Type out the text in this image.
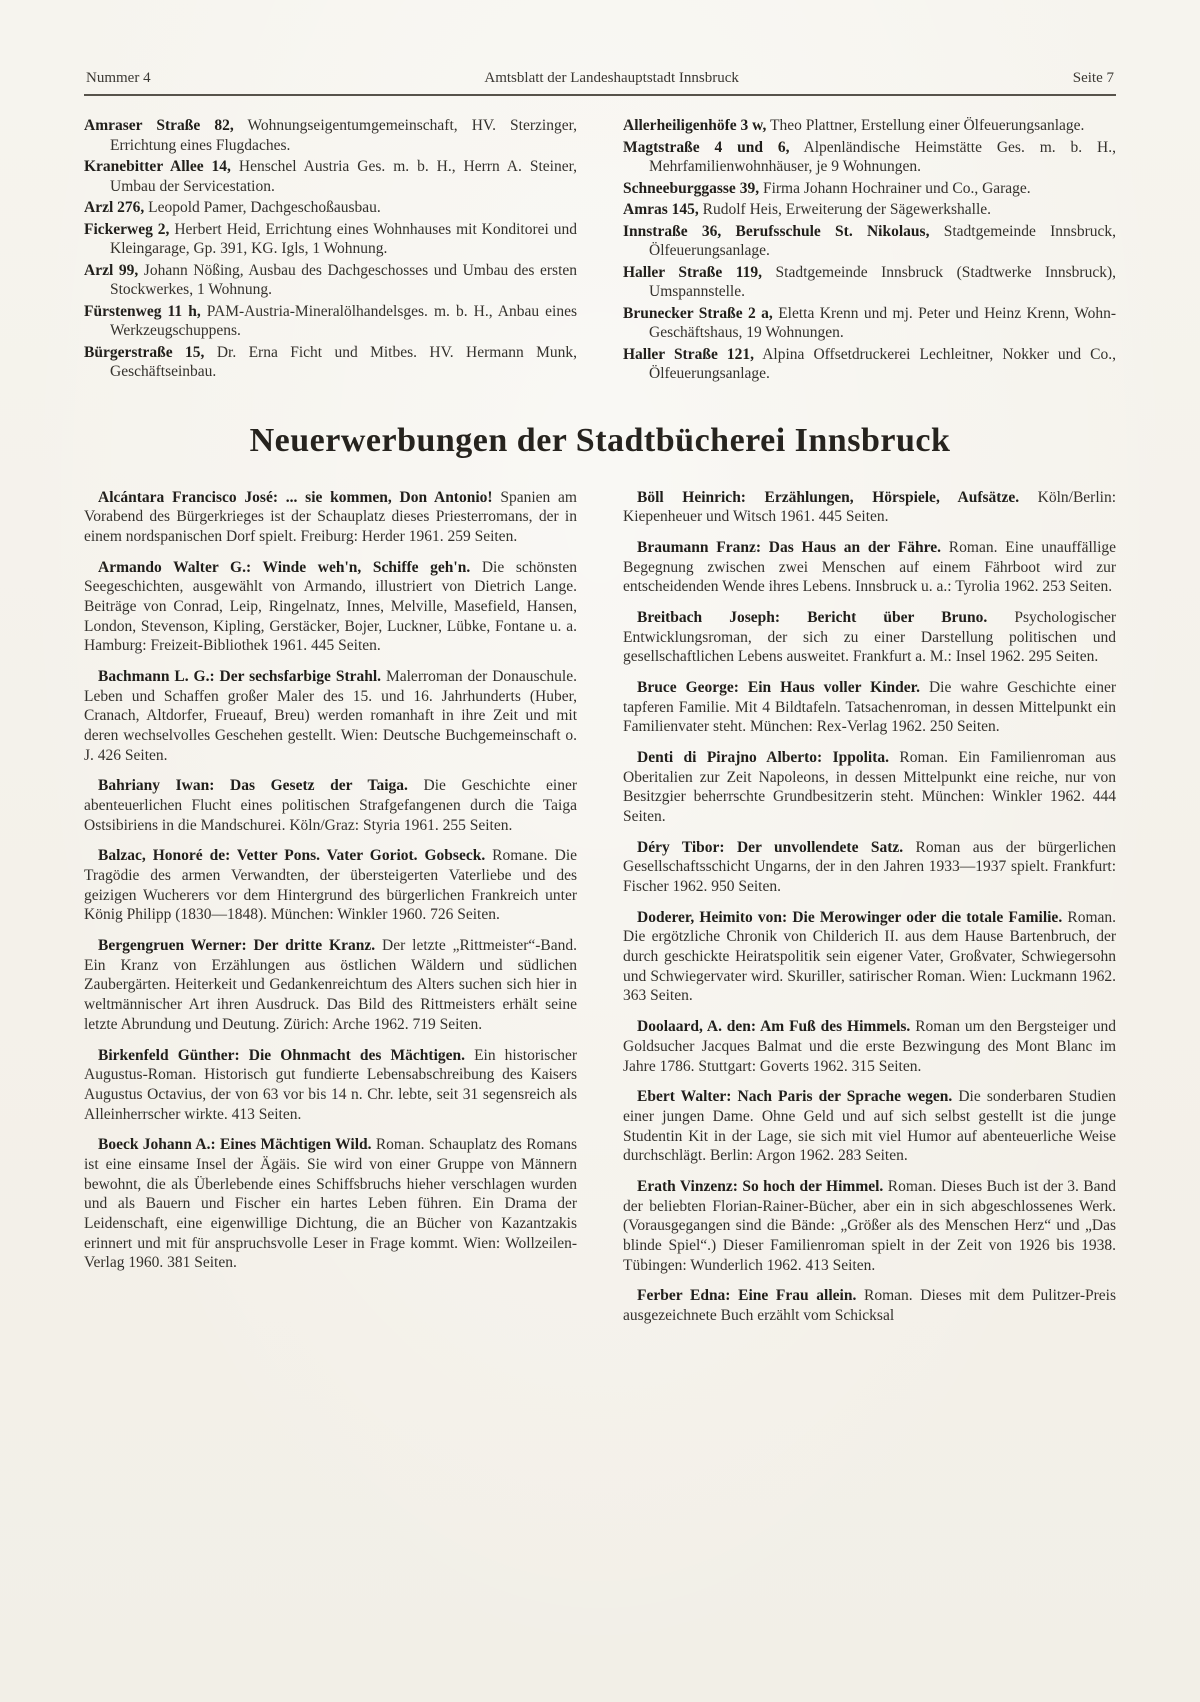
Nummer 4	Amtsblatt der Landeshauptstadt Innsbruck	Seite 7

Amraser Straße 82, Wohnungseigentumgemeinschaft, HV. Sterzinger, Errichtung eines Flugdaches.

Kranebitter Allee 14, Henschel Austria Ges. m. b. H., Herrn A. Steiner, Umbau der Servicestation.

Arzl 276, Leopold Pamer, Dachgeschoßausbau.

Fickerweg 2, Herbert Heid, Errichtung eines Wohnhauses mit Konditorei und Kleingarage, Gp. 391, KG. Igls, 1 Wohnung.

Arzl 99, Johann Nößing, Ausbau des Dachgeschosses und Umbau des ersten Stockwerkes, 1 Wohnung.

Fürstenweg 11 h, PAM-Austria-Mineralölhandelsges. m. b. H., Anbau eines Werkzeugschuppens.

Bürgerstraße 15, Dr. Erna Ficht und Mitbes. HV. Hermann Munk, Geschäftseinbau.

Allerheiligenhöfe 3 w, Theo Plattner, Erstellung einer Ölfeuerungsanlage.

Magtstraße 4 und 6, Alpenländische Heimstätte Ges. m. b. H., Mehrfamilienwohnhäuser, je 9 Wohnungen.

Schneeburggasse 39, Firma Johann Hochrainer und Co., Garage.

Amras 145, Rudolf Heis, Erweiterung der Sägewerkshalle.

Innstraße 36, Berufsschule St. Nikolaus, Stadtgemeinde Innsbruck, Ölfeuerungsanlage.

Haller Straße 119, Stadtgemeinde Innsbruck (Stadtwerke Innsbruck), Umspannstelle.

Brunecker Straße 2 a, Eletta Krenn und mj. Peter und Heinz Krenn, Wohn-Geschäftshaus, 19 Wohnungen.

Haller Straße 121, Alpina Offsetdruckerei Lechleitner, Nokker und Co., Ölfeuerungsanlage.

Neuerwerbungen der Stadtbücherei Innsbruck

Alcántara Francisco José: ... sie kommen, Don Antonio! Spanien am Vorabend des Bürgerkrieges ist der Schauplatz dieses Priesterromans, der in einem nordspanischen Dorf spielt. Freiburg: Herder 1961. 259 Seiten.

Armando Walter G.: Winde weh'n, Schiffe geh'n. Die schönsten Seegeschichten, ausgewählt von Armando, illustriert von Dietrich Lange. Beiträge von Conrad, Leip, Ringelnatz, Innes, Melville, Masefield, Hansen, London, Stevenson, Kipling, Gerstäcker, Bojer, Luckner, Lübke, Fontane u. a. Hamburg: Freizeit-Bibliothek 1961. 445 Seiten.

Bachmann L. G.: Der sechsfarbige Strahl. Malerroman der Donauschule. Leben und Schaffen großer Maler des 15. und 16. Jahrhunderts (Huber, Cranach, Altdorfer, Frueauf, Breu) werden romanhaft in ihre Zeit und mit deren wechselvolles Geschehen gestellt. Wien: Deutsche Buchgemeinschaft o. J. 426 Seiten.

Bahriany Iwan: Das Gesetz der Taiga. Die Geschichte einer abenteuerlichen Flucht eines politischen Strafgefangenen durch die Taiga Ostsibiriens in die Mandschurei. Köln/Graz: Styria 1961. 255 Seiten.

Balzac, Honoré de: Vetter Pons. Vater Goriot. Gobseck. Romane. Die Tragödie des armen Verwandten, der übersteigerten Vaterliebe und des geizigen Wucherers vor dem Hintergrund des bürgerlichen Frankreich unter König Philipp (1830—1848). München: Winkler 1960. 726 Seiten.

Bergengruen Werner: Der dritte Kranz. Der letzte „Rittmeister“-Band. Ein Kranz von Erzählungen aus östlichen Wäldern und südlichen Zaubergärten. Heiterkeit und Gedankenreichtum des Alters suchen sich hier in weltmännischer Art ihren Ausdruck. Das Bild des Rittmeisters erhält seine letzte Abrundung und Deutung. Zürich: Arche 1962. 719 Seiten.

Birkenfeld Günther: Die Ohnmacht des Mächtigen. Ein historischer Augustus-Roman. Historisch gut fundierte Lebensabschreibung des Kaisers Augustus Octavius, der von 63 vor bis 14 n. Chr. lebte, seit 31 segensreich als Alleinherrscher wirkte. 413 Seiten.

Boeck Johann A.: Eines Mächtigen Wild. Roman. Schauplatz des Romans ist eine einsame Insel der Ägäis. Sie wird von einer Gruppe von Männern bewohnt, die als Überlebende eines Schiffsbruchs hieher verschlagen wurden und als Bauern und Fischer ein hartes Leben führen. Ein Drama der Leidenschaft, eine eigenwillige Dichtung, die an Bücher von Kazantzakis erinnert und mit für anspruchsvolle Leser in Frage kommt. Wien: Wollzeilen-Verlag 1960. 381 Seiten.

Böll Heinrich: Erzählungen, Hörspiele, Aufsätze. Köln/Berlin: Kiepenheuer und Witsch 1961. 445 Seiten.

Braumann Franz: Das Haus an der Fähre. Roman. Eine unauffällige Begegnung zwischen zwei Menschen auf einem Fährboot wird zur entscheidenden Wende ihres Lebens. Innsbruck u. a.: Tyrolia 1962. 253 Seiten.

Breitbach Joseph: Bericht über Bruno. Psychologischer Entwicklungsroman, der sich zu einer Darstellung politischen und gesellschaftlichen Lebens ausweitet. Frankfurt a. M.: Insel 1962. 295 Seiten.

Bruce George: Ein Haus voller Kinder. Die wahre Geschichte einer tapferen Familie. Mit 4 Bildtafeln. Tatsachenroman, in dessen Mittelpunkt ein Familienvater steht. München: Rex-Verlag 1962. 250 Seiten.

Denti di Pirajno Alberto: Ippolita. Roman. Ein Familienroman aus Oberitalien zur Zeit Napoleons, in dessen Mittelpunkt eine reiche, nur von Besitzgier beherrschte Grundbesitzerin steht. München: Winkler 1962. 444 Seiten.

Déry Tibor: Der unvollendete Satz. Roman aus der bürgerlichen Gesellschaftsschicht Ungarns, der in den Jahren 1933—1937 spielt. Frankfurt: Fischer 1962. 950 Seiten.

Doderer, Heimito von: Die Merowinger oder die totale Familie. Roman. Die ergötzliche Chronik von Childerich II. aus dem Hause Bartenbruch, der durch geschickte Heiratspolitik sein eigener Vater, Großvater, Schwiegersohn und Schwiegervater wird. Skuriller, satirischer Roman. Wien: Luckmann 1962. 363 Seiten.

Doolaard, A. den: Am Fuß des Himmels. Roman um den Bergsteiger und Goldsucher Jacques Balmat und die erste Bezwingung des Mont Blanc im Jahre 1786. Stuttgart: Goverts 1962. 315 Seiten.

Ebert Walter: Nach Paris der Sprache wegen. Die sonderbaren Studien einer jungen Dame. Ohne Geld und auf sich selbst gestellt ist die junge Studentin Kit in der Lage, sie sich mit viel Humor auf abenteuerliche Weise durchschlägt. Berlin: Argon 1962. 283 Seiten.

Erath Vinzenz: So hoch der Himmel. Roman. Dieses Buch ist der 3. Band der beliebten Florian-Rainer-Bücher, aber ein in sich abgeschlossenes Werk. (Vorausgegangen sind die Bände: „Größer als des Menschen Herz“ und „Das blinde Spiel“.) Dieser Familienroman spielt in der Zeit von 1926 bis 1938. Tübingen: Wunderlich 1962. 413 Seiten.

Ferber Edna: Eine Frau allein. Roman. Dieses mit dem Pulitzer-Preis ausgezeichnete Buch erzählt vom Schicksal
